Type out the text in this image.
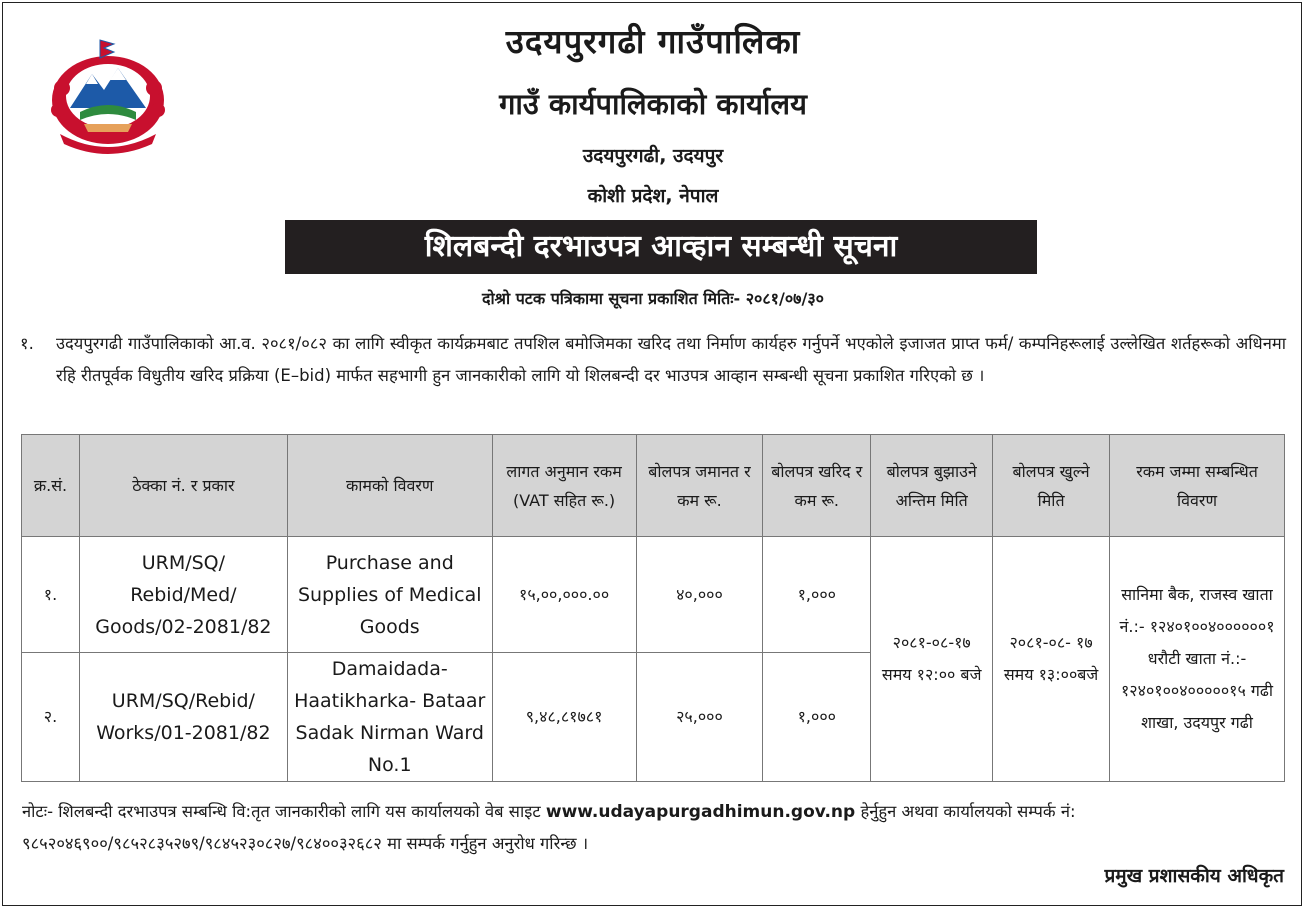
उदयपुरगढी गाउँपालिका
गाउँ कार्यपालिकाको कार्यालय
उदयपुरगढी, उदयपुर
कोशी प्रदेश, नेपाल
शिलबन्दी दरभाउपत्र आव्हान सम्बन्धी सूचना
दोश्रो पटक पत्रिकामा सूचना प्रकाशित मितिः- २०८१/०७/३०
१. उदयपुरगढी गाउँपालिकाको आ.व. २०८१/०८२ का लागि स्वीकृत कार्यक्रमबाट तपशिल बमोजिमका खरिद तथा निर्माण कार्यहरु गर्नुपर्ने भएकोले इजाजत प्राप्त फर्म/ कम्पनिहरूलाई उल्लेखित शर्तहरूको अधिनमा रहि रीतपूर्वक विधुतीय खरिद प्रक्रिया (E–bid) मार्फत सहभागी हुन जानकारीको लागि यो शिलबन्दी दर भाउपत्र आव्हान सम्बन्धी सूचना प्रकाशित गरिएको छ ।
क्र.सं.	ठेक्का नं. र प्रकार	कामको विवरण	लागत अनुमान रकम (VAT सहित रू.)	बोलपत्र जमानत र कम रू.	बोलपत्र खरिद र कम रू.	बोलपत्र बुझाउने अन्तिम मिति	बोलपत्र खुल्ने मिति	रकम जम्मा सम्बन्धित विवरण
१.	URM/SQ/ Rebid/Med/ Goods/02-2081/82	Purchase and Supplies of Medical Goods	१५,००,०००.००	४०,०००	१,०००	२०८१-०८-१७ समय १२:०० बजे	२०८१-०८- १७ समय १३:००बजे	सानिमा बैक, राजस्व खाता नं.:- १२४०१००४००००००१ धरौटी खाता नं.:- १२४०१००४०००००१५ गढी शाखा, उदयपुर गढी
२.	URM/SQ/Rebid/ Works/01-2081/82	Damaidada- Haatikharka- Bataar Sadak Nirman Ward No.1	९,४८,८१७८१	२५,०००	१,०००			
नोटः- शिलबन्दी दरभाउपत्र सम्बन्धि वि:तृत जानकारीको लागि यस कार्यालयको वेब साइट www.udayapurgadhimun.gov.np हेर्नुहुन अथवा कार्यालयको सम्पर्क नं: ९८५२०४६९००/९८५२८३५२७९/९८४५२३०८२७/९८४००३२६८२ मा सम्पर्क गर्नुहुन अनुरोध गरिन्छ ।
प्रमुख प्रशासकीय अधिकृत
